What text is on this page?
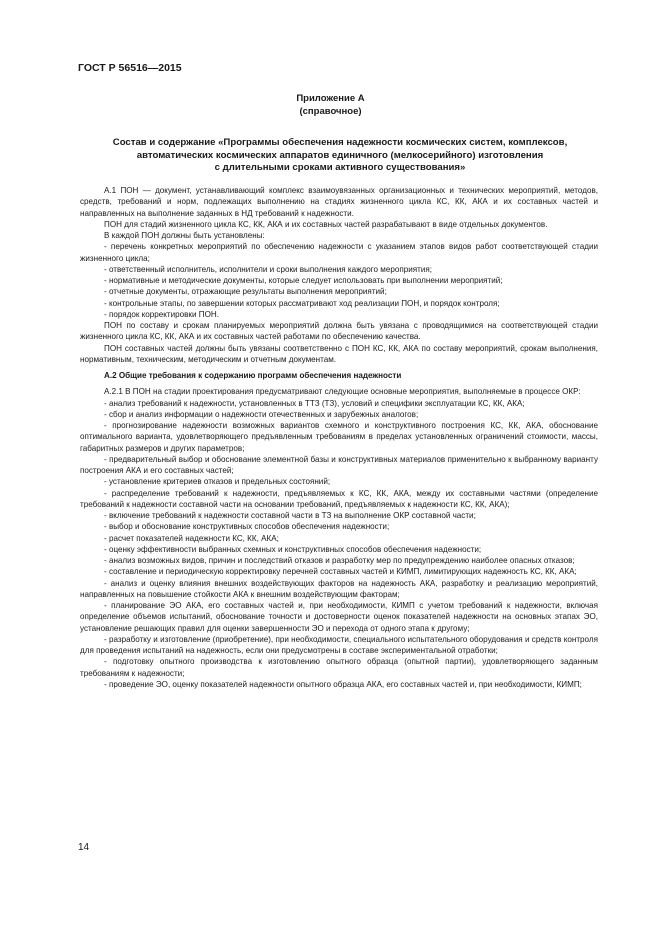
ГОСТ Р 56516—2015
Приложение А
(справочное)
Состав и содержание «Программы обеспечения надежности космических систем, комплексов,
автоматических космических аппаратов единичного (мелкосерийного) изготовления
с длительными сроками активного существования»

А.1 ПОН — документ, устанавливающий комплекс взаимоувязанных организационных и технических мероприятий, методов, средств, требований и норм, подлежащих выполнению на стадиях жизненного цикла КС, КК, АКА и их составных частей и направленных на выполнение заданных в НД требований к надежности.

ПОН для стадий жизненного цикла КС, КК, АКА и их составных частей разрабатывают в виде отдельных документов.

В каждой ПОН должны быть установлены:

- перечень конкретных мероприятий по обеспечению надежности с указанием этапов видов работ соответствующей стадии жизненного цикла;

- ответственный исполнитель, исполнители и сроки выполнения каждого мероприятия;

- нормативные и методические документы, которые следует использовать при выполнении мероприятий;

- отчетные документы, отражающие результаты выполнения мероприятий;

- контрольные этапы, по завершении которых рассматривают ход реализации ПОН, и порядок контроля;

- порядок корректировки ПОН.

ПОН по составу и срокам планируемых мероприятий должна быть увязана с проводящимися на соответствующей стадии жизненного цикла КС, КК, АКА и их составных частей работами по обеспечению качества.

ПОН составных частей должны быть увязаны соответственно с ПОН КС, КК, АКА по составу мероприятий, срокам выполнения, нормативным, техническим, методическим и отчетным документам.

А.2 Общие требования к содержанию программ обеспечения надежности

А.2.1 В ПОН на стадии проектирования предусматривают следующие основные мероприятия, выполняемые в процессе ОКР:

- анализ требований к надежности, установленных в ТТЗ (ТЗ), условий и специфики эксплуатации КС, КК, АКА;

- сбор и анализ информации о надежности отечественных и зарубежных аналогов;

- прогнозирование надежности возможных вариантов схемного и конструктивного построения КС, КК, АКА, обоснование оптимального варианта, удовлетворяющего предъявленным требованиям в пределах установленных ограничений стоимости, массы, габаритных размеров и других параметров;

- предварительный выбор и обоснование элементной базы и конструктивных материалов применительно к выбранному варианту построения АКА и его составных частей;

- установление критериев отказов и предельных состояний;

- распределение требований к надежности, предъявляемых к КС, КК, АКА, между их составными частями (определение требований к надежности составной части на основании требований, предъявляемых к надежности КС, КК, АКА);

- включение требований к надежности составной части в ТЗ на выполнение ОКР составной части;

- выбор и обоснование конструктивных способов обеспечения надежности;

- расчет показателей надежности КС, КК, АКА;

- оценку эффективности выбранных схемных и конструктивных способов обеспечения надежности;

- анализ возможных видов, причин и последствий отказов и разработку мер по предупреждению наиболее опасных отказов;

- составление и периодическую корректировку перечней составных частей и КИМП, лимитирующих надежность КС, КК, АКА;

- анализ и оценку влияния внешних воздействующих факторов на надежность АКА, разработку и реализацию мероприятий, направленных на повышение стойкости АКА к внешним воздействующим факторам;

- планирование ЭО АКА, его составных частей и, при необходимости, КИМП с учетом требований к надежности, включая определение объемов испытаний, обоснование точности и достоверности оценок показателей надежности на основных этапах ЭО, установление решающих правил для оценки завершенности ЭО и перехода от одного этапа к другому;

- разработку и изготовление (приобретение), при необходимости, специального испытательного оборудования и средств контроля для проведения испытаний на надежность, если они предусмотрены в составе экспериментальной отработки;

- подготовку опытного производства к изготовлению опытного образца (опытной партии), удовлетворяющего заданным требованиям к надежности;

- проведение ЭО, оценку показателей надежности опытного образца АКА, его составных частей и, при необходимости, КИМП;

14
